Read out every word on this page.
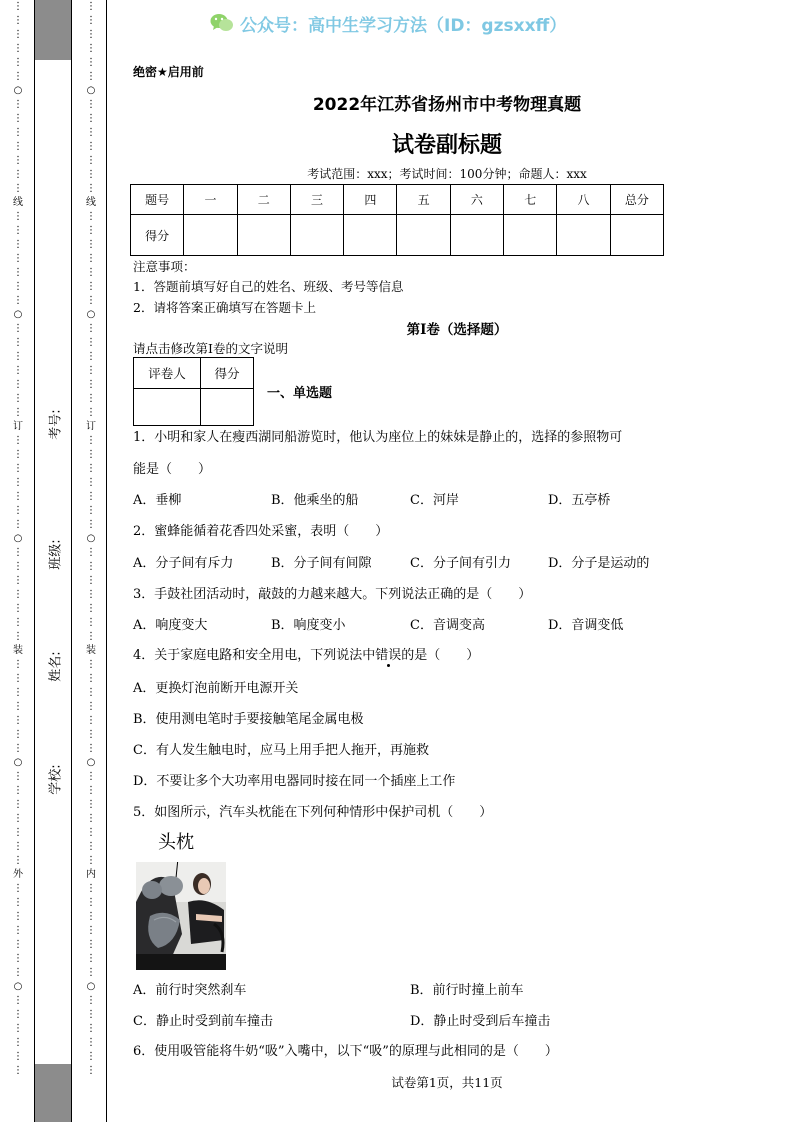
⋮
⋮
⋮
⋮
⋮
⋮
○
⋮
⋮
⋮
⋮
⋮
⋮
⋮
线
⋮
⋮
⋮
⋮
⋮
⋮
⋮
○
⋮
⋮
⋮
⋮
⋮
⋮
⋮
订
⋮
⋮
⋮
⋮
⋮
⋮
⋮
○
⋮
⋮
⋮
⋮
⋮
⋮
⋮
装
⋮
⋮
⋮
⋮
⋮
⋮
⋮
○
⋮
⋮
⋮
⋮
⋮
⋮
⋮
外
⋮
⋮
⋮
⋮
⋮
⋮
⋮
○
⋮
⋮
⋮
⋮
⋮
⋮
⋮
⋮
⋮
⋮
⋮
⋮
○
⋮
⋮
⋮
⋮
⋮
⋮
⋮
线
⋮
⋮
⋮
⋮
⋮
⋮
⋮
○
⋮
⋮
⋮
⋮
⋮
⋮
⋮
订
⋮
⋮
⋮
⋮
⋮
⋮
⋮
○
⋮
⋮
⋮
⋮
⋮
⋮
⋮
装
⋮
⋮
⋮
⋮
⋮
⋮
⋮
○
⋮
⋮
⋮
⋮
⋮
⋮
⋮
内
⋮
⋮
⋮
⋮
⋮
⋮
⋮
○
⋮
⋮
⋮
⋮
⋮
⋮
考号:
班级:
姓名:
学校:
公众号：高中生学习方法（ID：gzsxxff）
绝密★启用前
2022年江苏省扬州市中考物理真题
试卷副标题
考试范围：xxx；考试时间：100分钟；命题人：xxx
题号	一	二	三	四	五	六	七	八	总分
得分									
注意事项：
1．答题前填写好自己的姓名、班级、考号等信息
2．请将答案正确填写在答题卡上
第I卷（选择题）
请点击修改第I卷的文字说明
评卷人	得分

一、单选题
1．小明和家人在瘦西湖同船游览时，他认为座位上的妹妹是静止的，选择的参照物可
能是（　　）
A．垂柳	B．他乘坐的船	C．河岸	D．五亭桥
2．蜜蜂能循着花香四处采蜜，表明（　　）
A．分子间有斥力	B．分子间有间隙	C．分子间有引力	D．分子是运动的
3．手鼓社团活动时，敲鼓的力越来越大。下列说法正确的是（　　）
A．响度变大	B．响度变小	C．音调变高	D．音调变低
4．关于家庭电路和安全用电，下列说法中错误的是（　　）
A．更换灯泡前断开电源开关
B．使用测电笔时手要接触笔尾金属电极
C．有人发生触电时，应马上用手把人拖开，再施救
D．不要让多个大功率用电器同时接在同一个插座上工作
5．如图所示，汽车头枕能在下列何种情形中保护司机（　　）
头枕
A．前行时突然刹车	B．前行时撞上前车
C．静止时受到前车撞击	D．静止时受到后车撞击
6．使用吸管能将牛奶“吸”入嘴中，以下“吸”的原理与此相同的是（　　）
试卷第1页，共11页
